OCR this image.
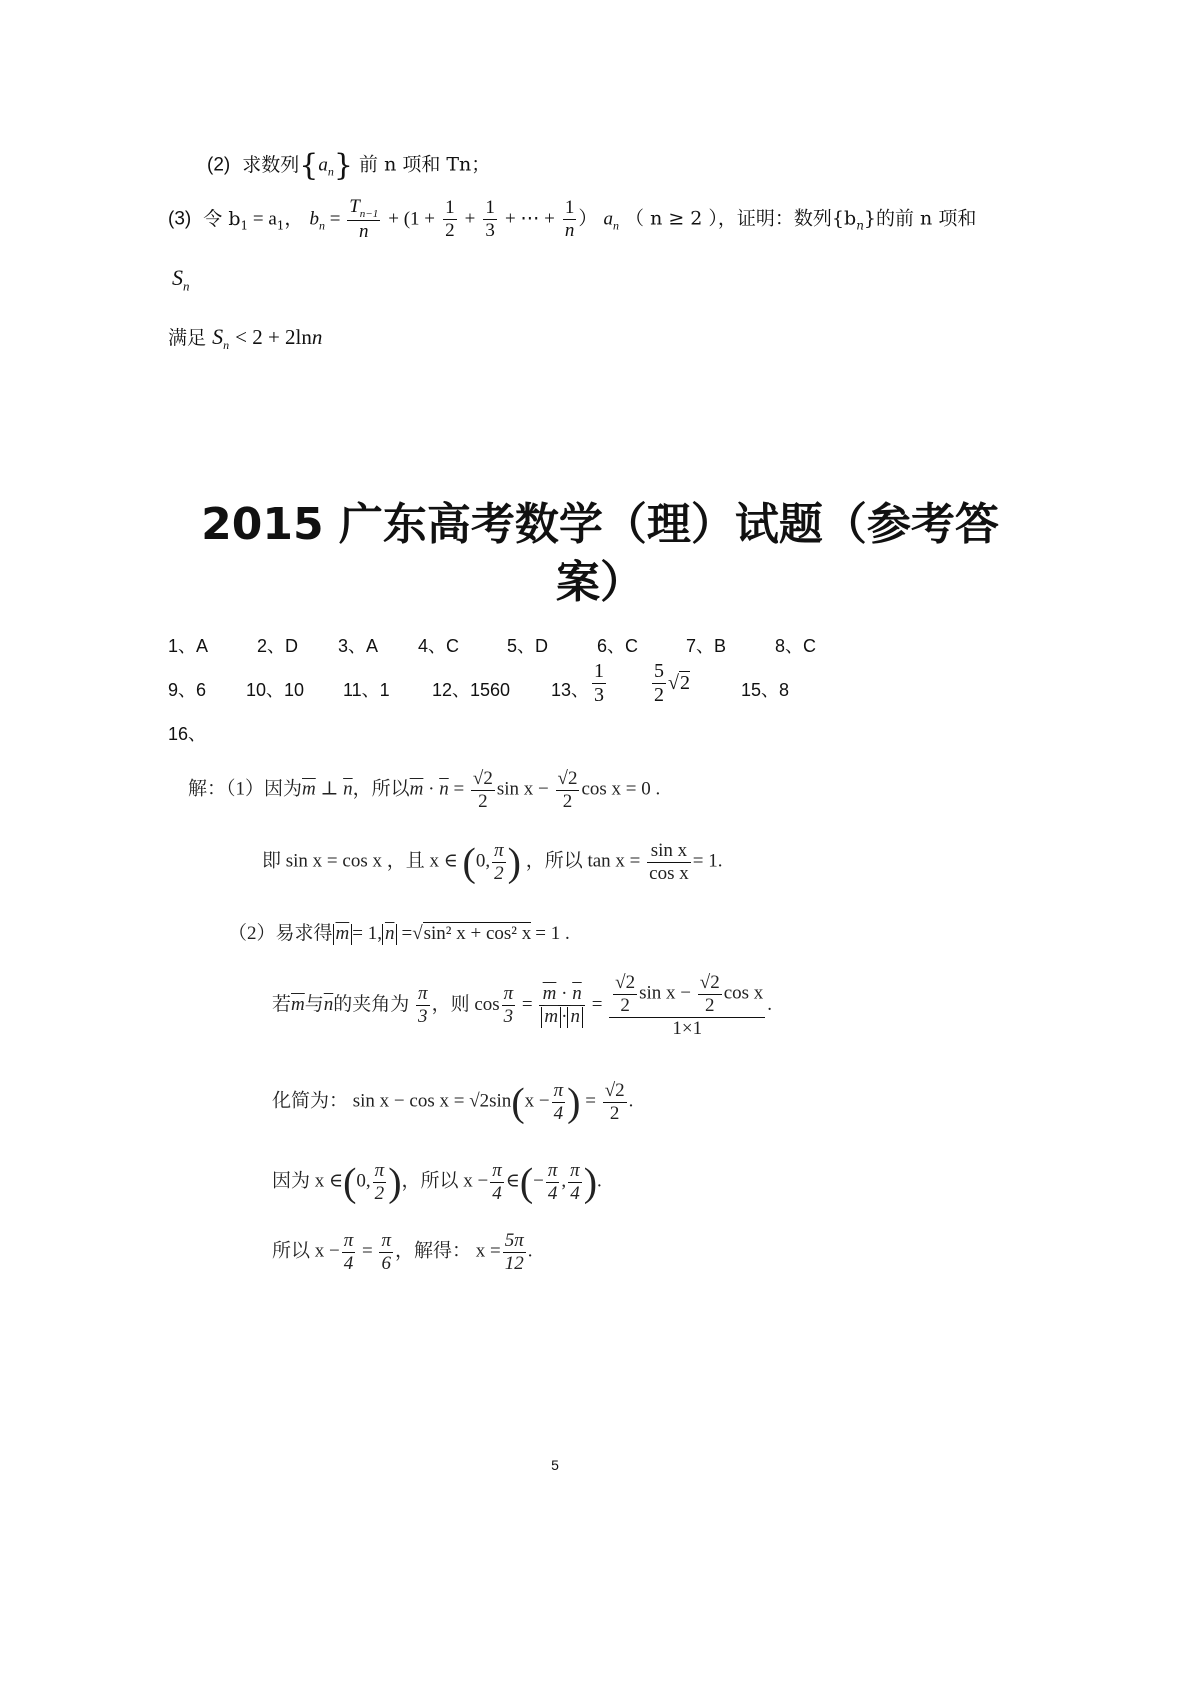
(2) 求数列$\{a_n\}$ 前 n 项和 Tn；
(3) 令 $b_1 = a_1$， $b_n = \frac{T_{n-1}}{n} + (1 + \frac{1}{2} + \frac{1}{3}$ + ⋯ + $\frac{1}{n}$ ） $a_n$ （ n ≥ 2 ），证明：数列$\{b_n\}$的前 n 项和
$S_n$
满足 $S_n < 2 + 2\ln n$
2015 广东高考数学（理）试题（参考答
案）
1、A	2、D 3、A 4、C	5、D	6、C	7、B	8、C
9、6 10、10 11、1 12、1560 13、 $\frac{1}{3} \frac{5}{2} √2$	15、8
16、
解：（1）因为$\overline{m}$ ⊥ $\overline{n}$，所以$\overline{m} \cdot \overline{n} = \frac{√2}{2}$ $\sin x - \frac{√2}{2}$ cos x = 0 .
即 sin x = cos x ，且 x ∈ (0, $\frac{\pi}{2}$ ) ，所以 $\tan x = \frac{\text{sin x}}{\text{cos x}} = 1$.
（2）易求得 $\overline{m} = 1$, $\overline{n} =√\sin^2$ x + cos² x = 1 .
若$\overline{m}$与$\overline{n}$的夹角为 $\frac{\pi}{3}$ ，则 $\cos \frac{\pi}{3} = \frac{\overline{m} \cdot \overline{n}}{\overline{m} \cdot \overline{n}} = \frac{\frac{√2}{2} \sin x - \frac{√2}{2} \cos x}{1\times 1}$ .
化简为： $\sin x - \cos x = √2\sin(x - \frac{\pi}{4}$ ) = $\frac{√2}{2}$ .
因为 x ∈(0, $\frac{\pi}{2}$ )，所以 $x - \frac{\pi}{4}$ ∈(− $\frac{\pi}{4}$ , $\frac{\pi}{4}$ ).
所以 $x - \frac{\pi}{4} = \frac{\pi}{6}$ ，解得： $x = \frac{5\pi}{12}$ .
5
